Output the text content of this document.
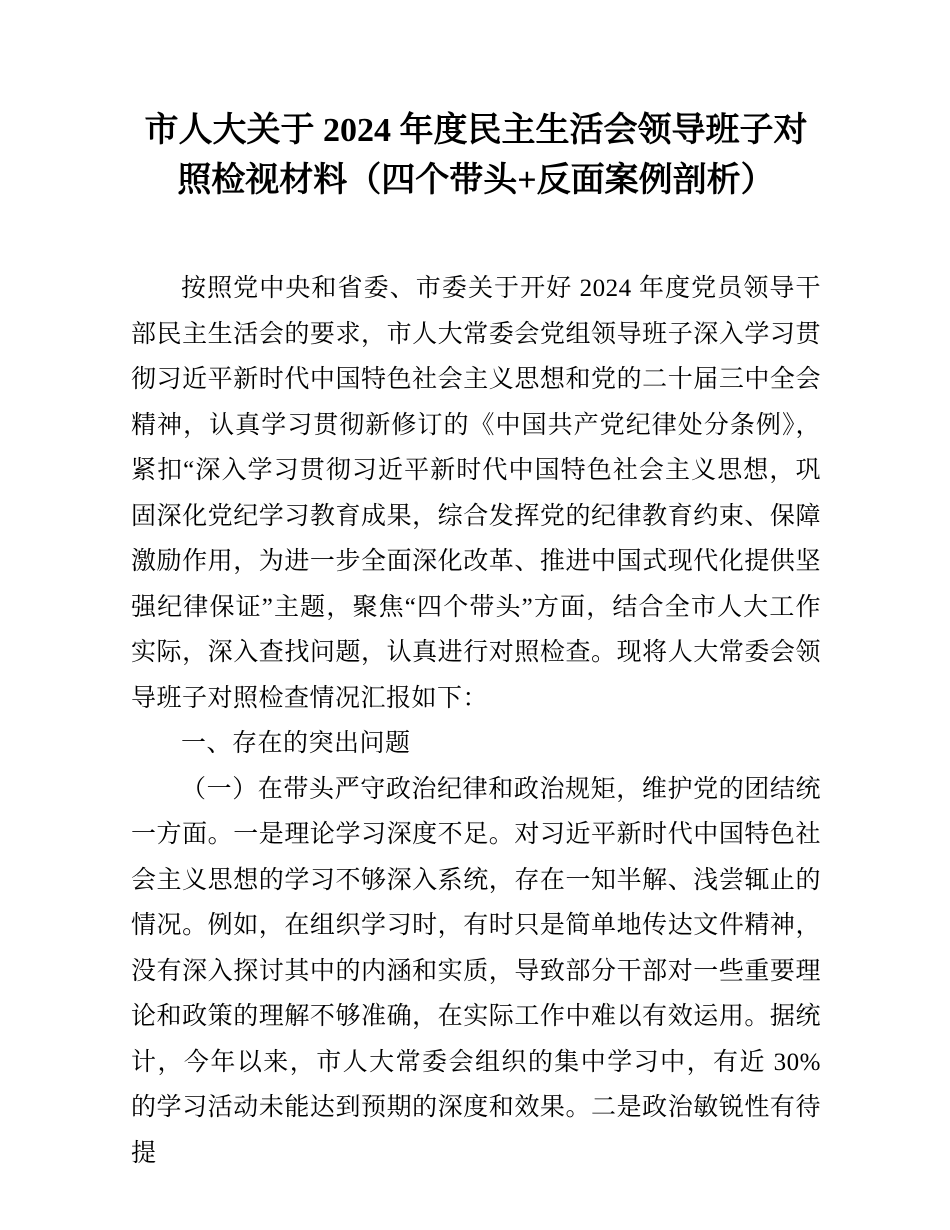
市人大关于 2024 年度民主生活会领导班子对照检视材料（四个带头+反面案例剖析）

按照党中央和省委、市委关于开好 2024 年度党员领导干部民主生活会的要求，市人大常委会党组领导班子深入学习贯彻习近平新时代中国特色社会主义思想和党的二十届三中全会精神，认真学习贯彻新修订的《中国共产党纪律处分条例》，紧扣“深入学习贯彻习近平新时代中国特色社会主义思想，巩固深化党纪学习教育成果，综合发挥党的纪律教育约束、保障激励作用，为进一步全面深化改革、推进中国式现代化提供坚强纪律保证”主题，聚焦“四个带头”方面，结合全市人大工作实际，深入查找问题，认真进行对照检查。现将人大常委会领导班子对照检查情况汇报如下：

一、存在的突出问题

（一）在带头严守政治纪律和政治规矩，维护党的团结统一方面。一是理论学习深度不足。对习近平新时代中国特色社会主义思想的学习不够深入系统，存在一知半解、浅尝辄止的情况。例如，在组织学习时，有时只是简单地传达文件精神，没有深入探讨其中的内涵和实质，导致部分干部对一些重要理论和政策的理解不够准确，在实际工作中难以有效运用。据统计，今年以来，市人大常委会组织的集中学习中，有近 30%的学习活动未能达到预期的深度和效果。二是政治敏锐性有待提
